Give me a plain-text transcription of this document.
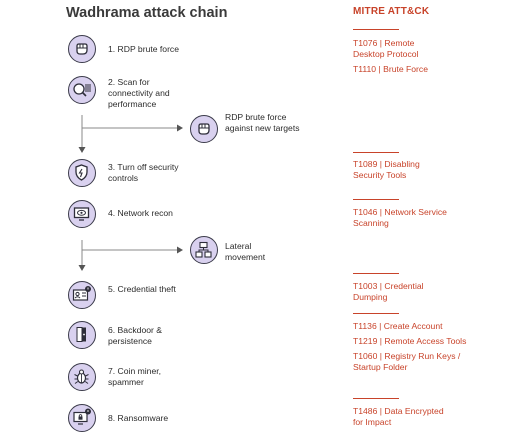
Wadhrama attack chain	MITRE ATT&CK
1. RDP brute force
2. Scan for connectivity and performance
RDP brute force against new targets
3. Turn off security controls
4. Network recon
Lateral movement
5. Credential theft
6. Backdoor & persistence
7. Coin miner, spammer
8. Ransomware
T1076 | Remote Desktop Protocol
T1110 | Brute Force
T1089 | Disabling Security Tools
T1046 | Network Service Scanning
T1003 | Credential Dumping
T1136 | Create Account
T1219 | Remote Access Tools
T1060 | Registry Run Keys / Startup Folder
T1486 | Data Encrypted for Impact
